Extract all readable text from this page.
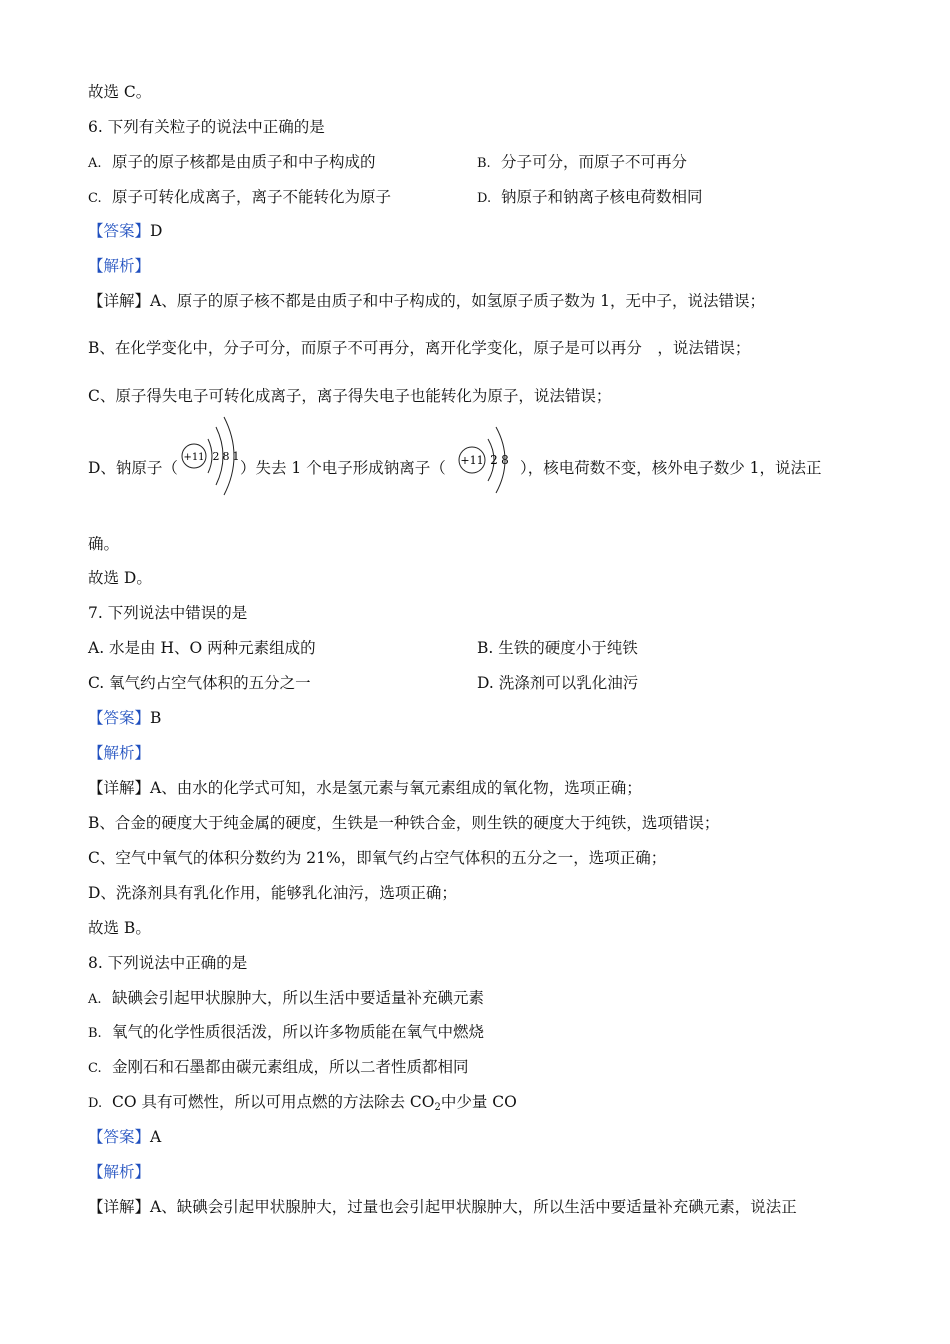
故选 C。
6. 下列有关粒子的说法中正确的是
A. 原子的原子核都是由质子和中子构成的	B. 分子可分，而原子不可再分
C. 原子可转化成离子，离子不能转化为原子	D. 钠原子和钠离子核电荷数相同
【答案】D
【解析】
【详解】A、原子的原子核不都是由质子和中子构成的，如氢原子质子数为 1，无中子，说法错误；
B、在化学变化中，分子可分，而原子不可再分，离开化学变化，原子是可以再分　，说法错误；
C、原子得失电子可转化成离子，离子得失电子也能转化为原子，说法错误；
D、钠原子（
+11 2 8 1
）失去 1 个电子形成钠离子（ +11 2 8 ），核电荷数不变，核外电子数少 1，说法正
确。
故选 D。
7. 下列说法中错误的是
A. 水是由 H、O 两种元素组成的	B. 生铁的硬度小于纯铁
C. 氧气约占空气体积的五分之一	D. 洗涤剂可以乳化油污
【答案】B
【解析】
【详解】A、由水的化学式可知，水是氢元素与氧元素组成的氧化物，选项正确；
B、合金的硬度大于纯金属的硬度，生铁是一种铁合金，则生铁的硬度大于纯铁，选项错误；
C、空气中氧气的体积分数约为 21%，即氧气约占空气体积的五分之一，选项正确；
D、洗涤剂具有乳化作用，能够乳化油污，选项正确；
故选 B。
8. 下列说法中正确的是
A. 缺碘会引起甲状腺肿大，所以生活中要适量补充碘元素
B. 氧气的化学性质很活泼，所以许多物质能在氧气中燃烧
C. 金刚石和石墨都由碳元素组成，所以二者性质都相同
D. CO 具有可燃性，所以可用点燃的方法除去 $CO_2$中少量 CO
【答案】A
【解析】
【详解】A、缺碘会引起甲状腺肿大，过量也会引起甲状腺肿大，所以生活中要适量补充碘元素，说法正
